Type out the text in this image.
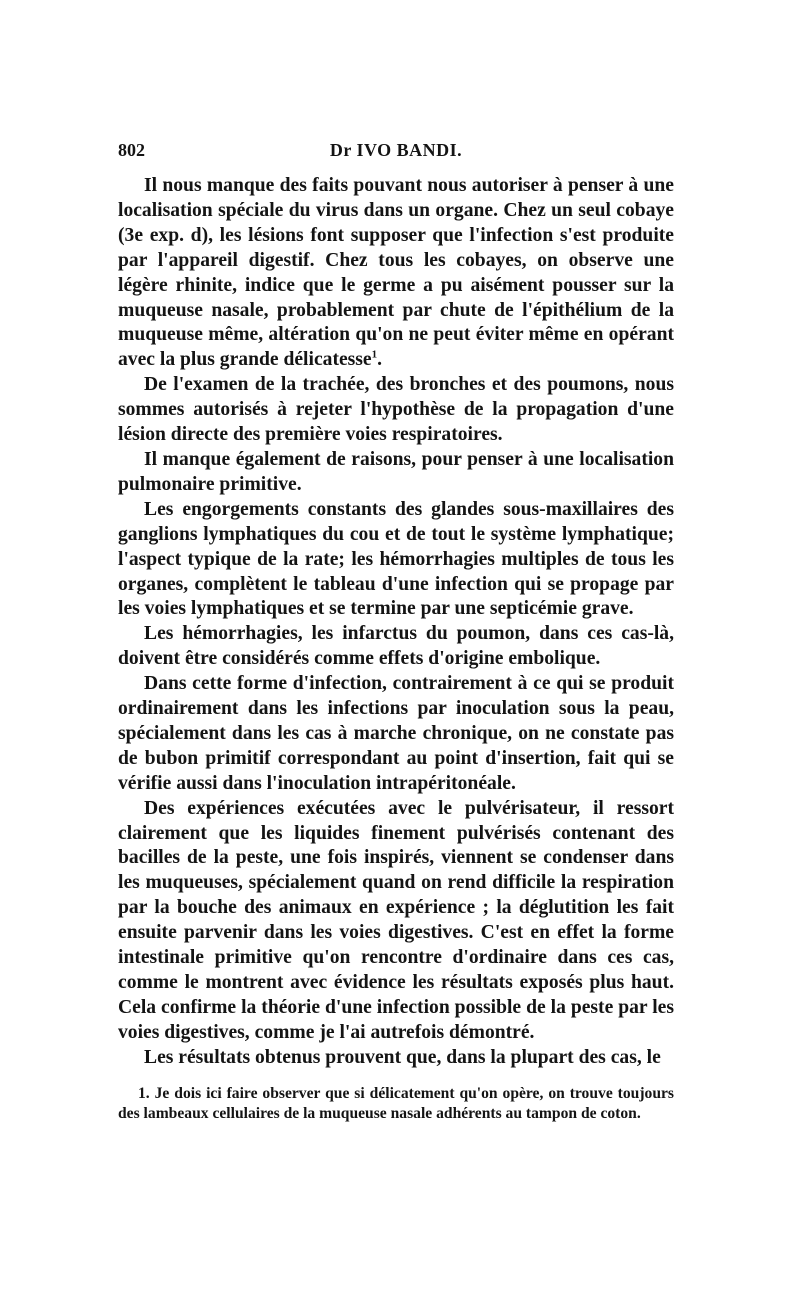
802	Dr IVO BANDI.

Il nous manque des faits pouvant nous autoriser à penser à une localisation spéciale du virus dans un organe. Chez un seul cobaye (3e exp. d), les lésions font supposer que l'infection s'est produite par l'appareil digestif. Chez tous les cobayes, on observe une légère rhinite, indice que le germe a pu aisément pousser sur la muqueuse nasale, probablement par chute de l'épithélium de la muqueuse même, altération qu'on ne peut éviter même en opérant avec la plus grande délicatesse$^1$.

De l'examen de la trachée, des bronches et des poumons, nous sommes autorisés à rejeter l'hypothèse de la propagation d'une lésion directe des première voies respiratoires.

Il manque également de raisons, pour penser à une localisation pulmonaire primitive.

Les engorgements constants des glandes sous-maxillaires des ganglions lymphatiques du cou et de tout le système lymphatique; l'aspect typique de la rate; les hémorrhagies multiples de tous les organes, complètent le tableau d'une infection qui se propage par les voies lymphatiques et se termine par une septicémie grave.

Les hémorrhagies, les infarctus du poumon, dans ces cas-là, doivent être considérés comme effets d'origine embolique.

Dans cette forme d'infection, contrairement à ce qui se produit ordinairement dans les infections par inoculation sous la peau, spécialement dans les cas à marche chronique, on ne constate pas de bubon primitif correspondant au point d'insertion, fait qui se vérifie aussi dans l'inoculation intrapéritonéale.

Des expériences exécutées avec le pulvérisateur, il ressort clairement que les liquides finement pulvérisés contenant des bacilles de la peste, une fois inspirés, viennent se condenser dans les muqueuses, spécialement quand on rend difficile la respiration par la bouche des animaux en expérience ; la déglutition les fait ensuite parvenir dans les voies digestives. C'est en effet la forme intestinale primitive qu'on rencontre d'ordinaire dans ces cas, comme le montrent avec évidence les résultats exposés plus haut. Cela confirme la théorie d'une infection possible de la peste par les voies digestives, comme je l'ai autrefois démontré.

Les résultats obtenus prouvent que, dans la plupart des cas, le

1. Je dois ici faire observer que si délicatement qu'on opère, on trouve toujours des lambeaux cellulaires de la muqueuse nasale adhérents au tampon de coton.
